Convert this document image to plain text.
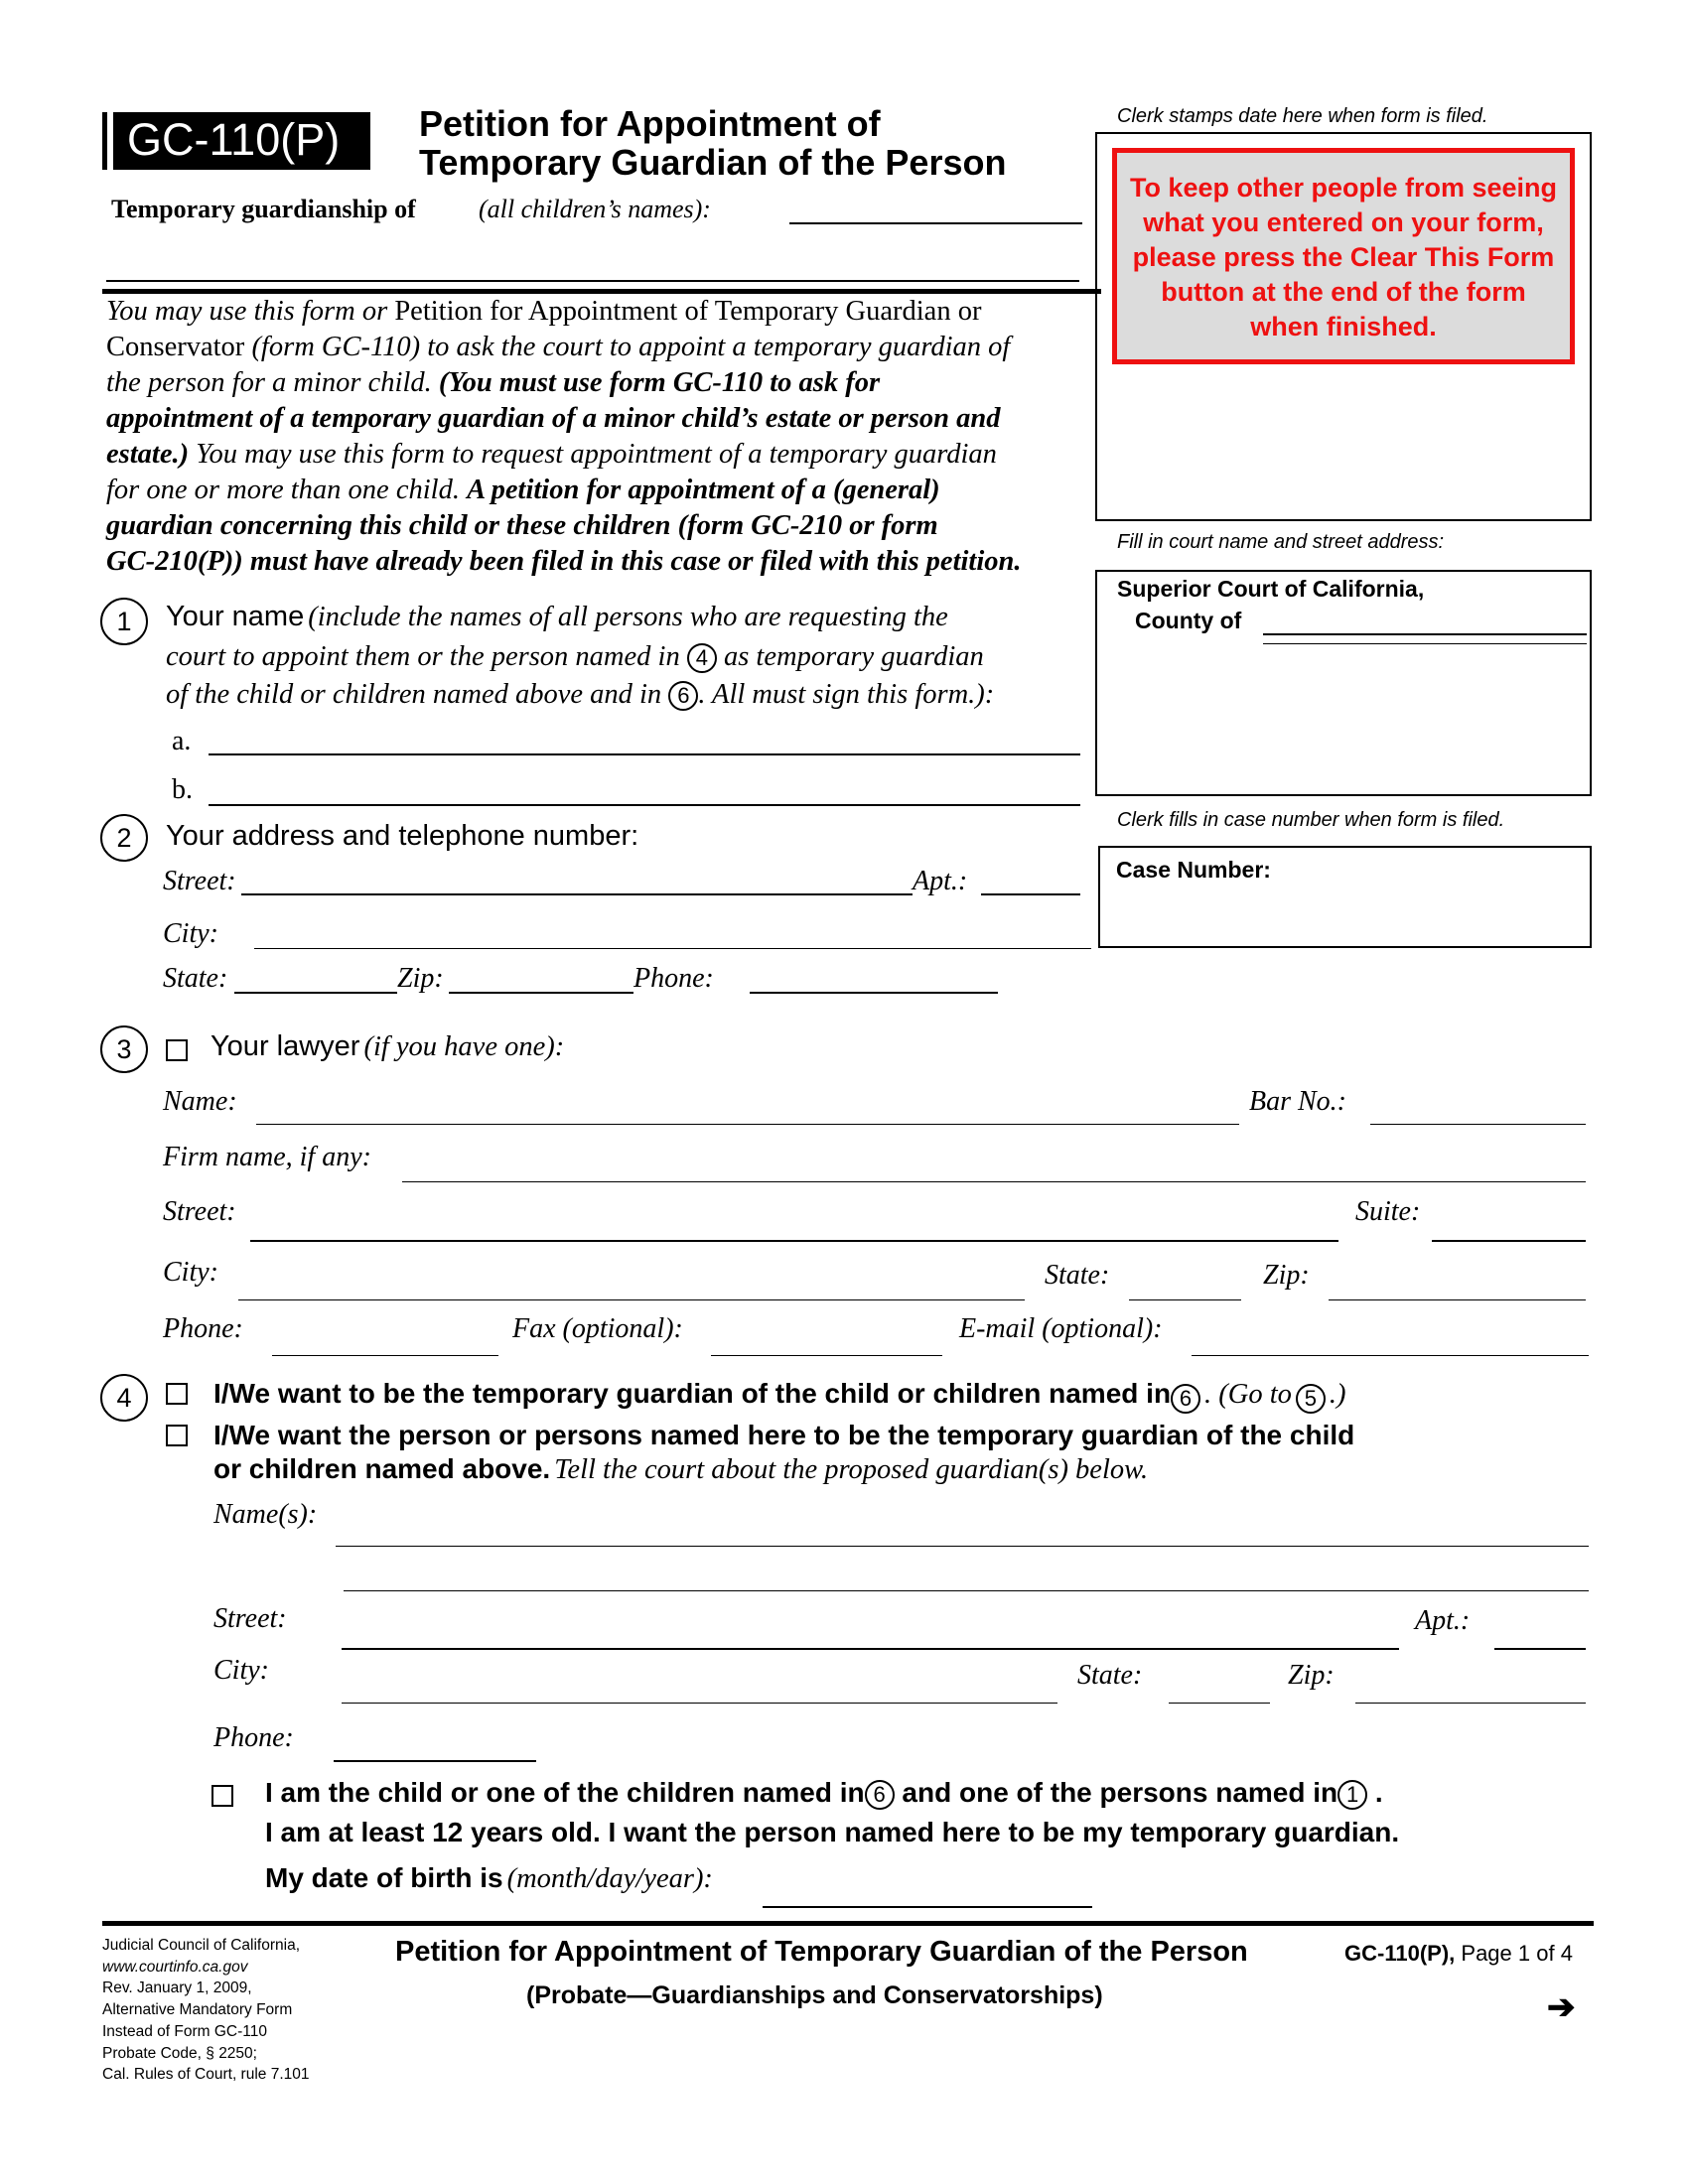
GC-110(P) Petition for Appointment of
Temporary Guardian of the Person
Temporary guardianship of (all children’s names):
You may use this form or Petition for Appointment of Temporary Guardian or
Conservator (form GC-110) to ask the court to appoint a temporary guardian of
the person for a minor child. (You must use form GC-110 to ask for
appointment of a temporary guardian of a minor child’s estate or person and
estate.) You may use this form to request appointment of a temporary guardian
for one or more than one child. A petition for appointment of a (general)
guardian concerning this child or these children (form GC-210 or form
GC-210(P)) must have already been filed in this case or filed with this petition.
Clerk stamps date here when form is filed.
To keep other people from seeing what you entered on your form, please press the Clear This Form button at the end of the form when finished.
Fill in court name and street address:
Superior Court of California,
County of
Clerk fills in case number when form is filed.
Case Number:
1	Your name (include the names of all persons who are requesting the
court to appoint them or the person named in 4 as temporary guardian
of the child or children named above and in 6 . All must sign this form.):
a.
b.
2	Your address and telephone number:
Street:	Apt.:
City:
State:	Zip:	Phone:
3	Your lawyer (if you have one):
Name:	Bar No.:
Firm name, if any:
Street:	Suite:
City:	State:	Zip:
Phone:	Fax (optional):	E-mail (optional):
4	I/We want to be the temporary guardian of the child or children named in 6 . (Go to 5 .)
I/We want the person or persons named here to be the temporary guardian of the child
or children named above. Tell the court about the proposed guardian(s) below.
Name(s):
Street:	Apt.:
City:	State:	Zip:
Phone:
I am the child or one of the children named in 6 and one of the persons named in 1 .
I am at least 12 years old. I want the person named here to be my temporary guardian.
My date of birth is (month/day/year):
Judicial Council of California,
www.courtinfo.ca.gov
Rev. January 1, 2009,
Alternative Mandatory Form
Instead of Form GC-110
Probate Code, § 2250;
Cal. Rules of Court, rule 7.101
Petition for Appointment of Temporary Guardian of the Person
(Probate—Guardianships and Conservatorships)
GC-110(P), Page 1 of 4
➔
